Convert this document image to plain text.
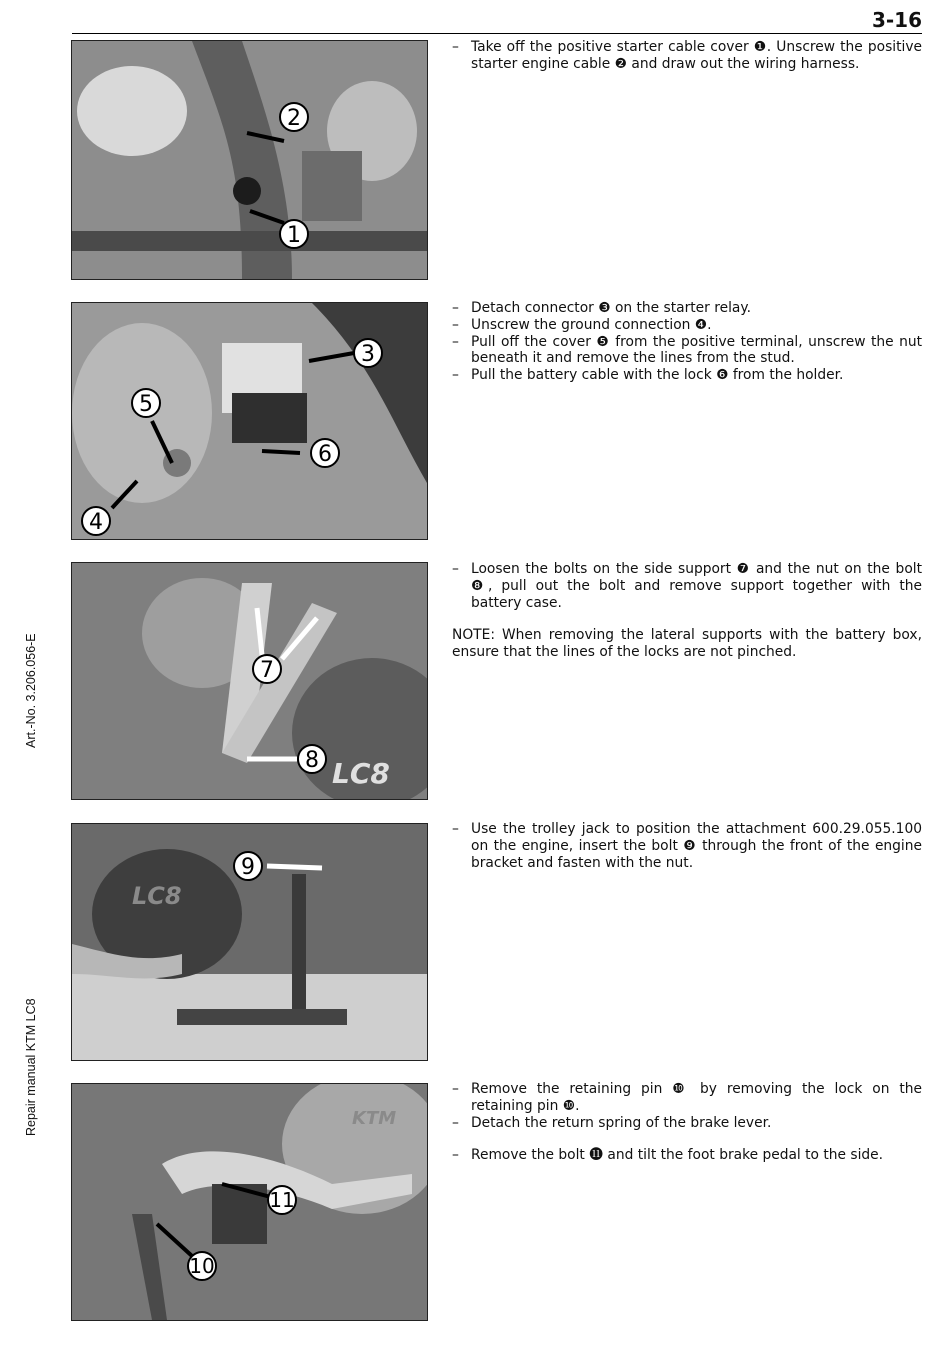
3-16
Art.-No. 3.206.056-E
Repair manual KTM LC8
2
1

– Take off the positive starter cable cover ❶. Unscrew the positive starter engine cable ❷ and draw out the wiring harness.

3
5
6
4

– Detach connector ❸ on the starter relay.

– Unscrew the ground connection ❹.

– Pull off the cover ❺ from the positive terminal, unscrew the nut beneath it and remove the lines from the stud.

– Pull the battery cable with the lock ❻ from the holder.

LC8
7
8

– Loosen the bolts on the side support ❼ and the nut on the bolt ❽, pull out the bolt and remove support together with the battery case.

NOTE: When removing the lateral supports with the battery box, ensure that the lines of the locks are not pinched.

LC8
9

– Use the trolley jack to position the attachment 600.29.055.100 on the engine, insert the bolt ❾ through the front of the engine bracket and fasten with the nut.

KTM
11
10

– Remove the retaining pin ❿ by removing the lock on the retaining pin ❿.

– Detach the return spring of the brake lever.

– Remove the bolt ⓫ and tilt the foot brake pedal to the side.
